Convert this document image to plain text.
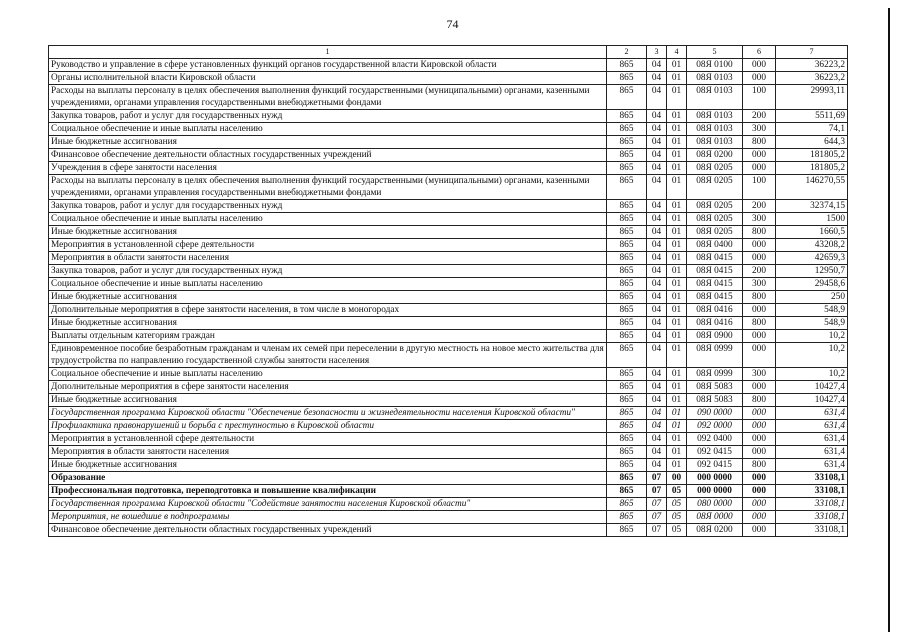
74
1	2	3	4	5	6	7
Руководство и управление в сфере установленных функций органов государственной власти Кировской области	865	04	01	08Я 0100	000	36223,2
Органы исполнительной власти Кировской области	865	04	01	08Я 0103	000	36223,2
Расходы на выплаты персоналу в целях обеспечения выполнения функций государственными (муниципальными) органами, казенными учреждениями, органами управления государственными внебюджетными фондами	865	04	01	08Я 0103	100	29993,11
Закупка товаров, работ и услуг для государственных нужд	865	04	01	08Я 0103	200	5511,69
Социальное обеспечение и иные выплаты населению	865	04	01	08Я 0103	300	74,1
Иные бюджетные ассигнования	865	04	01	08Я 0103	800	644,3
Финансовое обеспечение деятельности областных государственных учреждений	865	04	01	08Я 0200	000	181805,2
Учреждения в сфере занятости населения	865	04	01	08Я 0205	000	181805,2
Расходы на выплаты персоналу в целях обеспечения выполнения функций государственными (муниципальными) органами, казенными учреждениями, органами управления государственными внебюджетными фондами	865	04	01	08Я 0205	100	146270,55
Закупка товаров, работ и услуг для государственных нужд	865	04	01	08Я 0205	200	32374,15
Социальное обеспечение и иные выплаты населению	865	04	01	08Я 0205	300	1500
Иные бюджетные ассигнования	865	04	01	08Я 0205	800	1660,5
Мероприятия в установленной сфере деятельности	865	04	01	08Я 0400	000	43208,2
Мероприятия в области занятости населения	865	04	01	08Я 0415	000	42659,3
Закупка товаров, работ и услуг для государственных нужд	865	04	01	08Я 0415	200	12950,7
Социальное обеспечение и иные выплаты населению	865	04	01	08Я 0415	300	29458,6
Иные бюджетные ассигнования	865	04	01	08Я 0415	800	250
Дополнительные мероприятия в сфере занятости населения, в том числе в моногородах	865	04	01	08Я 0416	000	548,9
Иные бюджетные ассигнования	865	04	01	08Я 0416	800	548,9
Выплаты отдельным категориям граждан	865	04	01	08Я 0900	000	10,2
Единовременное пособие безработным гражданам и членам их семей при переселении в другую местность на новое место жительства для трудоустройства по направлению государственной службы занятости населения	865	04	01	08Я 0999	000	10,2
Социальное обеспечение и иные выплаты населению	865	04	01	08Я 0999	300	10,2
Дополнительные мероприятия в сфере занятости населения	865	04	01	08Я 5083	000	10427,4
Иные бюджетные ассигнования	865	04	01	08Я 5083	800	10427,4
Государственная программа Кировской области "Обеспечение безопасности и жизнедеятельности населения Кировской области"	865	04	01	090 0000	000	631,4
Профилактика правонарушений и борьба с преступностью в Кировской области	865	04	01	092 0000	000	631,4
Мероприятия в установленной сфере деятельности	865	04	01	092 0400	000	631,4
Мероприятия в области занятости населения	865	04	01	092 0415	000	631,4
Иные бюджетные ассигнования	865	04	01	092 0415	800	631,4
Образование	865	07	00	000 0000	000	33108,1
Профессиональная подготовка, переподготовка и повышение квалификации	865	07	05	000 0000	000	33108,1
Государственная программа Кировской области "Содействие занятости населения Кировской области"	865	07	05	080 0000	000	33108,1
Мероприятия, не вошедшие в подпрограммы	865	07	05	08Я 0000	000	33108,1
Финансовое обеспечение деятельности областных государственных учреждений	865	07	05	08Я 0200	000	33108,1
